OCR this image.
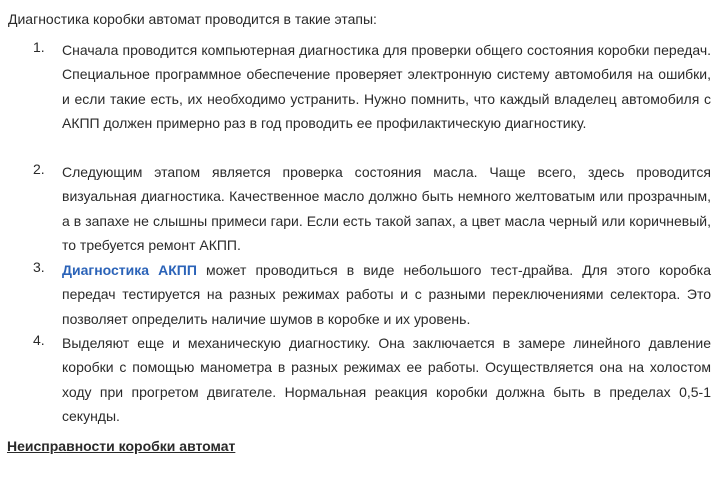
Диагностика коробки автомат проводится в такие этапы:
1. Сначала проводится компьютерная диагностика для проверки общего состояния коробки передач. Специальное программное обеспечение проверяет электронную систему автомобиля на ошибки, и если такие есть, их необходимо устранить. Нужно помнить, что каждый владелец автомобиля с АКПП должен примерно раз в год проводить ее профилактическую диагностику.
2. Следующим этапом является проверка состояния масла. Чаще всего, здесь проводится визуальная диагностика. Качественное масло должно быть немного желтоватым или прозрачным, а в запахе не слышны примеси гари. Если есть такой запах, а цвет масла черный или коричневый, то требуется ремонт АКПП.
3. Диагностика АКПП может проводиться в виде небольшого тест-драйва. Для этого коробка передач тестируется на разных режимах работы и с разными переключениями селектора. Это позволяет определить наличие шумов в коробке и их уровень.
4. Выделяют еще и механическую диагностику. Она заключается в замере линейного давление коробки с помощью манометра в разных режимах ее работы. Осуществляется она на холостом ходу при прогретом двигателе. Нормальная реакция коробки должна быть в пределах 0,5-1 секунды.
Неисправности коробки автомат
